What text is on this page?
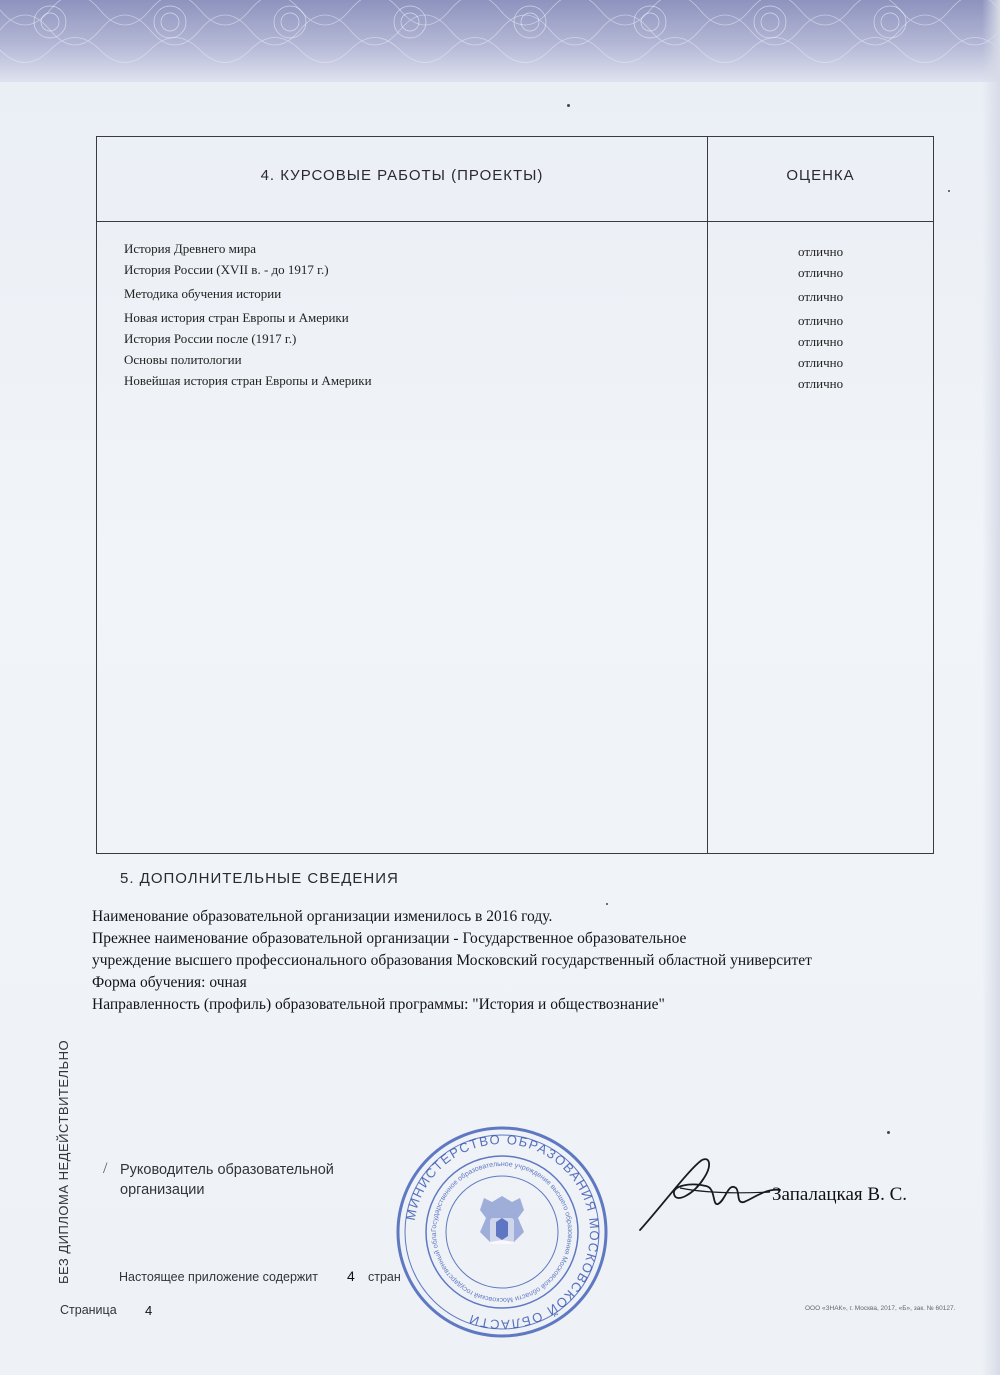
4. КУРСОВЫЕ РАБОТЫ (ПРОЕКТЫ)	ОЦЕНКА
История Древнего мира	отлично
История России (XVII в. - до 1917 г.)	отлично
Методика обучения истории	отлично
Новая история стран Европы и Америки	отлично
История России после (1917 г.)	отлично
Основы политологии	отлично
Новейшая история стран Европы и Америки	отлично
5. ДОПОЛНИТЕЛЬНЫЕ СВЕДЕНИЯ
Наименование образовательной организации изменилось в 2016 году.
Прежнее наименование образовательной организации - Государственное образовательное
учреждение высшего профессионального образования Московский государственный областной университет
Форма обучения: очная
Направленность (профиль) образовательной программы: "История и обществознание"
БЕЗ ДИПЛОМА НЕДЕЙСТВИТЕЛЬНО / Руководитель образовательной организации
МИНИСТЕРСТВО ОБРАЗОВАНИЯ МОСКОВСКОЙ ОБЛАСТИ
Государственное образовательное учреждение высшего образования Московской области Московский государственный обла
Запалацкая В. С.
Настоящее приложение содержит 4 стран
Страница 4	ООО «ЗНАК», г. Москва, 2017, «Б», зак. № 60127.
